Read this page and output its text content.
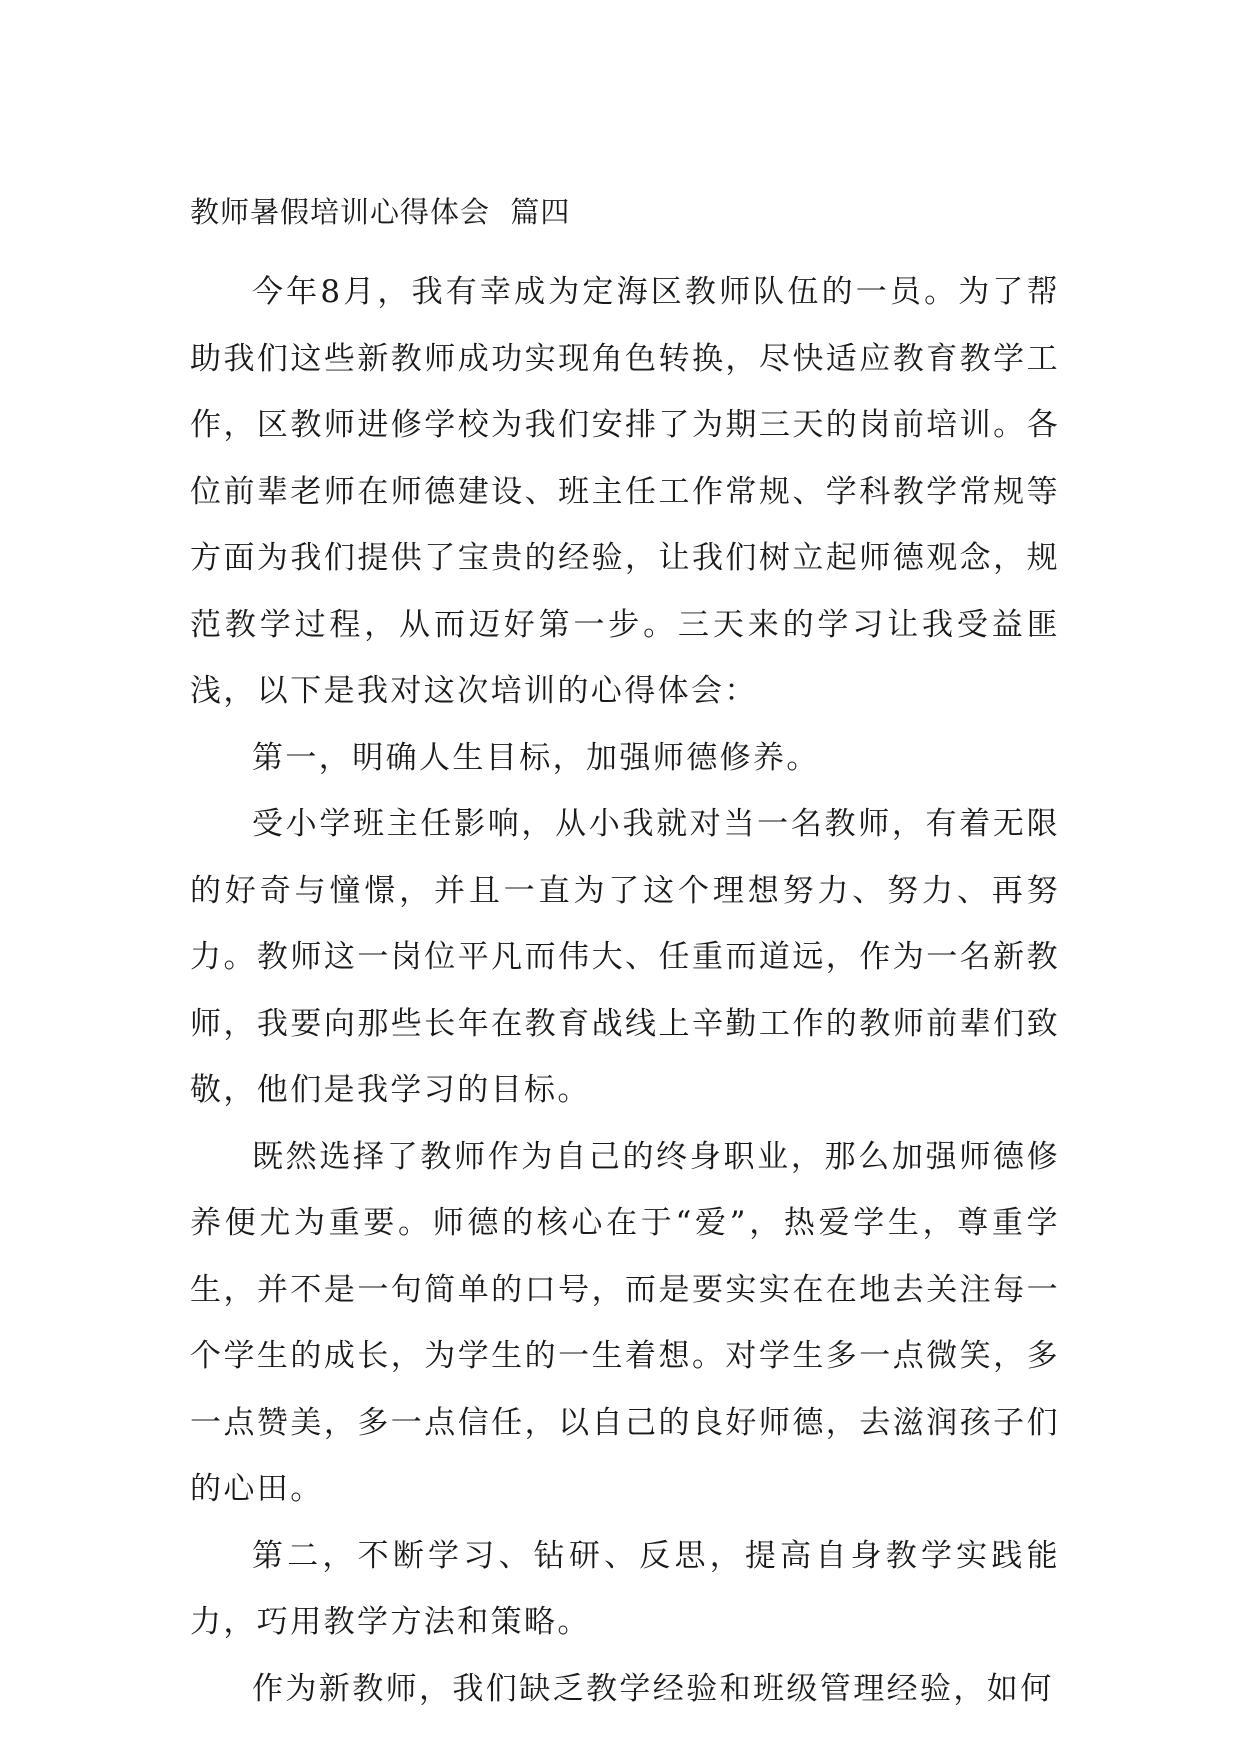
教师暑假培训心得体会  篇四

今年8月，我有幸成为定海区教师队伍的一员。为了帮助我们这些新教师成功实现角色转换，尽快适应教育教学工作，区教师进修学校为我们安排了为期三天的岗前培训。各位前辈老师在师德建设、班主任工作常规、学科教学常规等方面为我们提供了宝贵的经验，让我们树立起师德观念，规范教学过程，从而迈好第一步。三天来的学习让我受益匪浅，以下是我对这次培训的心得体会：

第一，明确人生目标，加强师德修养。

受小学班主任影响，从小我就对当一名教师，有着无限的好奇与憧憬，并且一直为了这个理想努力、努力、再努力。教师这一岗位平凡而伟大、任重而道远，作为一名新教师，我要向那些长年在教育战线上辛勤工作的教师前辈们致敬，他们是我学习的目标。

既然选择了教师作为自己的终身职业，那么加强师德修养便尤为重要。师德的核心在于“爱”，热爱学生，尊重学生，并不是一句简单的口号，而是要实实在在地去关注每一个学生的成长，为学生的一生着想。对学生多一点微笑，多一点赞美，多一点信任，以自己的良好师德，去滋润孩子们的心田。

第二，不断学习、钻研、反思，提高自身教学实践能力，巧用教学方法和策略。

作为新教师，我们缺乏教学经验和班级管理经验，如何
